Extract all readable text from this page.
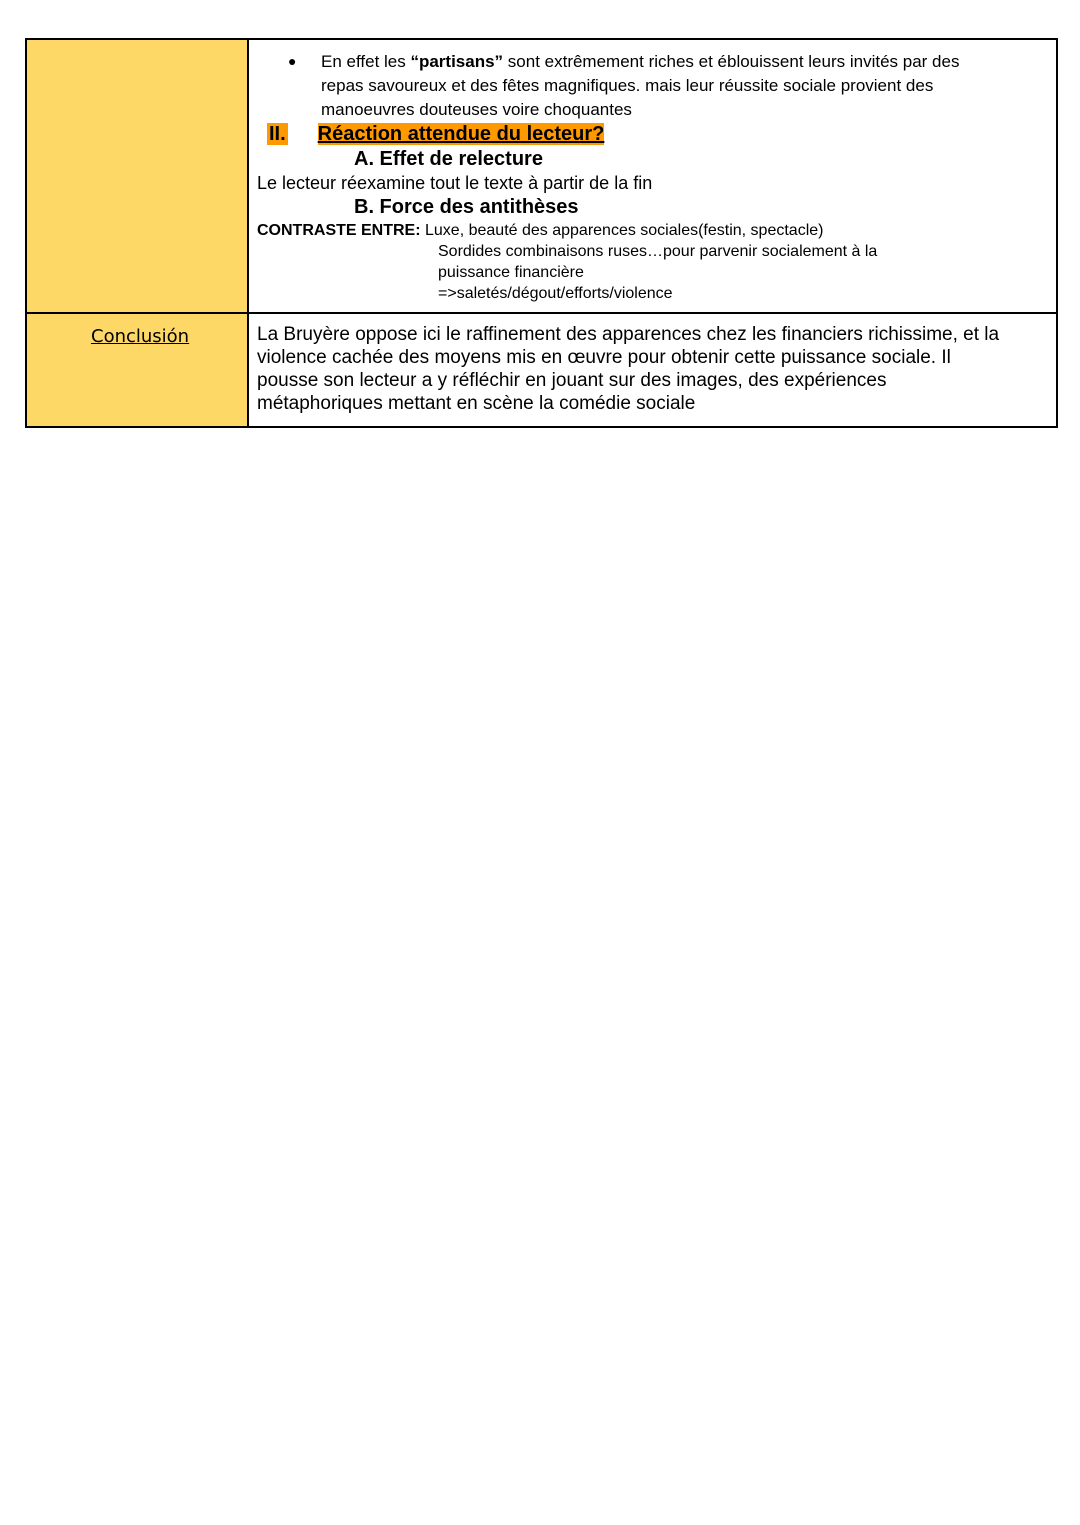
● En effet les “partisans” sont extrêmement riches et éblouissent leurs invités par des
repas savoureux et des fêtes magnifiques. mais leur réussite sociale provient des
manoeuvres douteuses voire choquantes
II. Réaction attendue du lecteur?
A. Effet de relecture
Le lecteur réexamine tout le texte à partir de la fin
B. Force des antithèses
CONTRASTE ENTRE: Luxe, beauté des apparences sociales(festin, spectacle)
Sordides combinaisons ruses…pour parvenir socialement à la
puissance financière
=>saletés/dégout/efforts/violence
Conclusión	La Bruyère oppose ici le raffinement des apparences chez les financiers richissime, et la
violence cachée des moyens mis en œuvre pour obtenir cette puissance sociale. Il
pousse son lecteur a y réfléchir en jouant sur des images, des expériences
métaphoriques mettant en scène la comédie sociale
